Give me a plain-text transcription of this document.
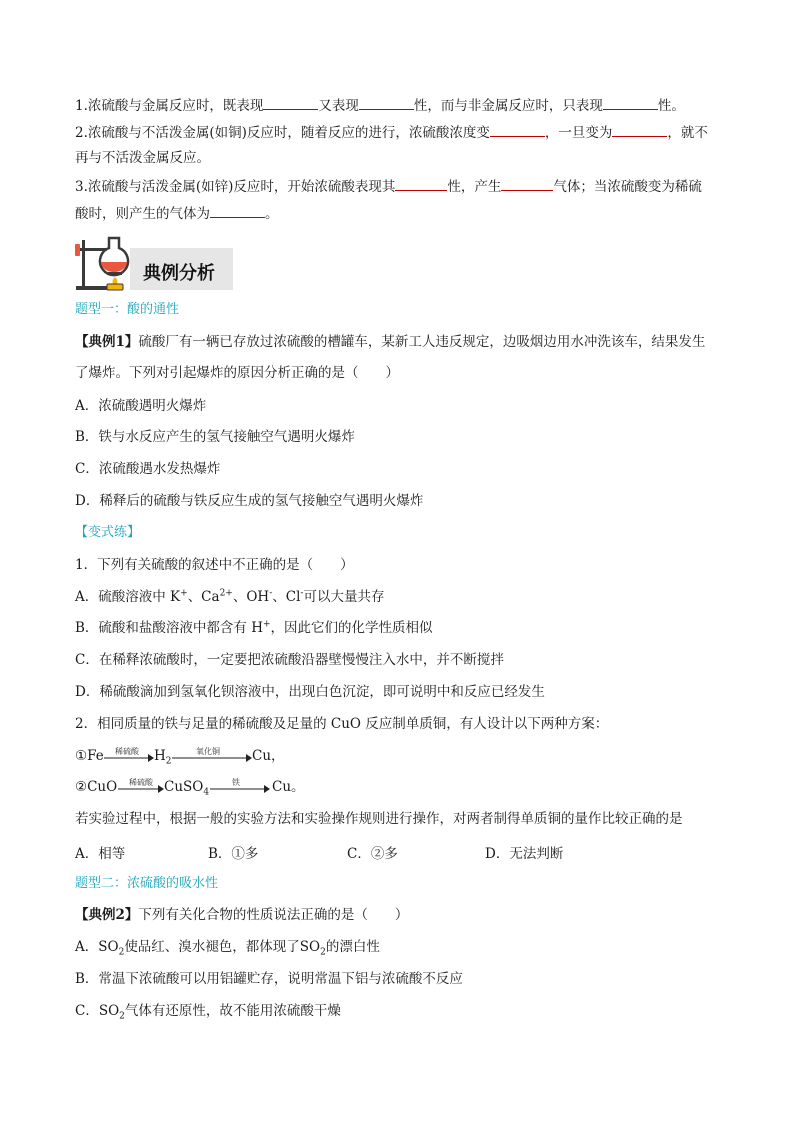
1.浓硫酸与金属反应时，既表现	又表现	性，而与非金属反应时，只表现	性。
2.浓硫酸与不活泼金属(如铜)反应时，随着反应的进行，浓硫酸浓度变	，一旦变为	，就不
再与不活泼金属反应。
3.浓硫酸与活泼金属(如锌)反应时，开始浓硫酸表现其	性，产生	气体；当浓硫酸变为稀硫
酸时，则产生的气体为	。
典例分析
题型一：酸的通性
【典例1】硫酸厂有一辆已存放过浓硫酸的槽罐车，某新工人违反规定，边吸烟边用水冲洗该车，结果发生
了爆炸。下列对引起爆炸的原因分析正确的是（　　）
A．浓硫酸遇明火爆炸
B．铁与水反应产生的氢气接触空气遇明火爆炸
C．浓硫酸遇水发热爆炸
D．稀释后的硫酸与铁反应生成的氢气接触空气遇明火爆炸
【变式练】
1．下列有关硫酸的叙述中不正确的是（　　）
A．硫酸溶液中 K+、$Ca^{2+}$、OH-、Cl-可以大量共存
B．硫酸和盐酸溶液中都含有 H+，因此它们的化学性质相似
C．在稀释浓硫酸时，一定要把浓硫酸沿器壁慢慢注入水中，并不断搅拌
D．稀硫酸滴加到氢氧化钡溶液中，出现白色沉淀，即可说明中和反应已经发生
2．相同质量的铁与足量的稀硫酸及足量的 CuO 反应制单质铜，有人设计以下两种方案：
①Fe 稀硫酸 $H_2$
氧化铜 Cu，
②CuO 稀硫酸 CuSO$_4$
铁 Cu。
若实验过程中，根据一般的实验方法和实验操作规则进行操作，对两者制得单质铜的量作比较正确的是
A．相等	B．①多	C．②多	D．无法判断
题型二：浓硫酸的吸水性
【典例2】下列有关化合物的性质说法正确的是（　　）
A．$SO_2$使品红、溴水褪色，都体现了$SO_2$的漂白性
B．常温下浓硫酸可以用铝罐贮存，说明常温下铝与浓硫酸不反应
C．$SO_2$气体有还原性，故不能用浓硫酸干燥
